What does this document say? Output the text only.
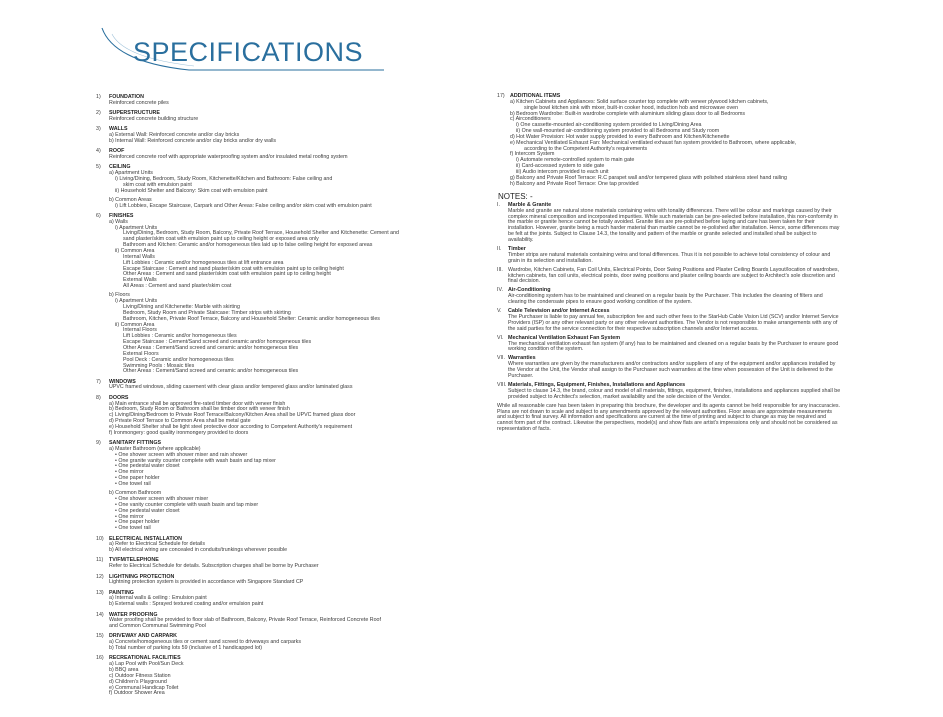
SPECIFICATIONS
1)	FOUNDATION
Reinforced concrete piles
2)	SUPERSTRUCTURE
Reinforced concrete building structure
3)	WALLS
a) External Wall: Reinforced concrete and/or clay bricks
b) Internal Wall: Reinforced concrete and/or clay bricks and/or dry walls
4)	ROOF
Reinforced concrete roof with appropriate waterproofing system and/or insulated metal roofing system
5)	CEILING
a) Apartment Units
i) Living/Dining, Bedroom, Study Room, Kitchenette/Kitchen and Bathroom: False ceiling and
skim coat with emulsion paint
ii) Household Shelter and Balcony: Skim coat with emulsion paint
b) Common Areas
i) Lift Lobbies, Escape Staircase, Carpark and Other Areas: False ceiling and/or skim coat with emulsion paint
6)	FINISHES
a) Walls
i) Apartment Units
Living/Dining, Bedroom, Study Room, Balcony, Private Roof Terrace, Household Shelter and Kitchenette: Cement and
sand plaster/skim coat with emulsion paint up to ceiling height or exposed area only
Bathroom and Kitchen: Ceramic and/or homogeneous tiles laid up to false ceiling height for exposed areas
ii) Common Area
Internal Walls
Lift Lobbies : Ceramic and/or homogeneous tiles at lift entrance area
Escape Staircase : Cement and sand plaster/skim coat with emulsion paint up to ceiling height
Other Areas : Cement and sand plaster/skim coat with emulsion paint up to ceiling height
External Walls
All Areas : Cement and sand plaster/skim coat
b) Floors
i) Apartment Units
Living/Dining and Kitchenette: Marble with skirting
Bedroom, Study Room and Private Staircase: Timber strips with skirting
Bathroom, Kitchen, Private Roof Terrace, Balcony and Household Shelter: Ceramic and/or homogeneous tiles
ii) Common Area
Internal Floors
Lift Lobbies : Ceramic and/or homogeneous tiles
Escape Staircase : Cement/Sand screed and ceramic and/or homogeneous tiles
Other Areas : Cement/Sand screed and ceramic and/or homogeneous tiles
External Floors
Pool Deck : Ceramic and/or homogeneous tiles
Swimming Pools : Mosaic tiles
Other Areas : Cement/Sand screed and ceramic and/or homogeneous tiles
7)	WINDOWS
UPVC framed windows, sliding casement with clear glass and/or tempered glass and/or laminated glass
8)	DOORS
a) Main entrance shall be approved fire-rated timber door with veneer finish
b) Bedroom, Study Room or Bathroom shall be timber door with veneer finish
c) Living/Dining/Bedroom to Private Roof Terrace/Balcony/Kitchen Area shall be UPVC framed glass door
d) Private Roof Terrace to Common Area shall be metal gate
e) Household Shelter shall be light steel protective door according to Competent Authority's requirement
f) Ironmongery: good quality ironmongery provided to doors
9)	SANITARY FITTINGS
a) Master Bathroom (where applicable)
• One shower screen with shower mixer and rain shower
• One granite vanity counter complete with wash basin and tap mixer
• One pedestal water closet
• One mirror
• One paper holder
• One towel rail
b) Common Bathroom
• One shower screen with shower mixer
• One vanity counter complete with wash basin and tap mixer
• One pedestal water closet
• One mirror
• One paper holder
• One towel rail
10)	ELECTRICAL INSTALLATION
a) Refer to Electrical Schedule for details
b) All electrical wiring are concealed in conduits/trunkings wherever possible
11)	TV/FM/TELEPHONE
Refer to Electrical Schedule for details. Subscription charges shall be borne by Purchaser
12)	LIGHTNING PROTECTION
Lightning protection system is provided in accordance with Singapore Standard CP
13)	PAINTING
a) Internal walls & ceiling : Emulsion paint
b) External walls : Sprayed textured coating and/or emulsion paint
14)	WATER PROOFING
Water proofing shall be provided to floor slab of Bathroom, Balcony, Private Roof Terrace, Reinforced Concrete Roof
and Common Communal Swimming Pool
15)	DRIVEWAY AND CARPARK
a) Concrete/homogeneous tiles or cement sand screed to driveways and carparks
b) Total number of parking lots 59 (inclusive of 1 handicapped lot)
16)	RECREATIONAL FACILITIES
a) Lap Pool with Pool/Sun Deck
b) BBQ area
c) Outdoor Fitness Station
d) Children's Playground
e) Communal Handicap Toilet
f) Outdoor Shower Area
17)	ADDITIONAL ITEMS
a) Kitchen Cabinets and Appliances: Solid surface counter top complete with veneer plywood kitchen cabinets,
single bowl kitchen sink with mixer, built-in cooker hood, induction hob and microwave oven
b) Bedroom Wardrobe: Built-in wardrobe complete with aluminium sliding glass door to all Bedrooms
c) Airconditioners
i) One cassette-mounted air-conditioning system provided to Living/Dining Area
ii) One wall-mounted air-conditioning system provided to all Bedrooms and Study room
d) Hot Water Provision: Hot water supply provided to every Bathroom and Kitchen/Kitchenette
e) Mechanical Ventilated Exhaust Fan: Mechanical ventilated exhaust fan system provided to Bathroom, where applicable,
according to the Competent Authority's requirements
f) Intercom System
i) Automate remote-controlled system to main gate
ii) Card-accessed system to side gate
iii) Audio intercom provided to each unit
g) Balcony and Private Roof Terrace: R.C parapet wall and/or tempered glass with polished stainless steel hand railing
h) Balcony and Private Roof Terrace: One tap provided
NOTES: -
I.	Marble & Granite
Marble and granite are natural stone materials containing veins with tonality differences. There will be colour and markings caused by their complex mineral composition and incorporated impurities. While such materials can be pre-selected before installation, this non-conformity in the marble or granite hence cannot be totally avoided. Granite tiles are pre-polished before laying and care has been taken for their installation. However, granite being a much harder material than marble cannot be re-polished after installation. Hence, some differences may be felt at the joints. Subject to Clause 14.3, the tonality and pattern of the marble or granite selected and installed shall be subject to availability.
II.	Timber
Timber strips are natural materials containing veins and tonal differences. Thus it is not possible to achieve total consistency of colour and grain in its selection and installation.
III. Wardrobe, Kitchen Cabinets, Fan Coil Units, Electrical Points, Door Swing Positions and Plaster Ceiling Boards Layout/location of wardrobes, kitchen cabinets, fan coil units, electrical points, door swing positions and plaster ceiling boards are subject to Architect's sole discretion and final decision.
IV. Air-Conditioning
Air-conditioning system has to be maintained and cleaned on a regular basis by the Purchaser. This includes the cleaning of filters and clearing the condensate pipes to ensure good working condition of the system.
V.	Cable Television and/or Internet Access
The Purchaser is liable to pay annual fee, subscription fee and such other fees to the StarHub Cable Vision Ltd (SCV) and/or Internet Service Providers (ISP) or any other relevant party or any other relevant authorities. The Vendor is not responsible to make arrangements with any of the said parties for the service connection for their respective subscription channels and/or Internet access.
VI. Mechanical Ventilation Exhaust Fan System
The mechanical ventilation exhaust fan system (if any) has to be maintained and cleaned on a regular basis by the Purchaser to ensure good working condition of the system.
VII. Warranties
Where warranties are given by the manufacturers and/or contractors and/or suppliers of any of the equipment and/or appliances installed by the Vendor at the Unit, the Vendor shall assign to the Purchaser such warranties at the time when possession of the Unit is delivered to the Purchaser.
VIII. Materials, Fittings, Equipment, Finishes, Installations and Appliances
Subject to clause 14.3, the brand, colour and model of all materials, fittings, equipment, finishes, installations and appliances supplied shall be provided subject to Architect's selection, market availability and the sole decision of the Vendor.
While all reasonable care has been taken in preparing this brochure, the developer and its agents cannot be held responsible for any inaccuracies. Plans are not drawn to scale and subject to any amendments approved by the relevant authorities. Floor areas are approximate measurements and subject to final survey. All information and specifications are current at the time of printing and subject to change as may be required and cannot form part of the contract. Likewise the perspectives, model(s) and show flats are artist's impressions only and should not be considered as representation of facts.
